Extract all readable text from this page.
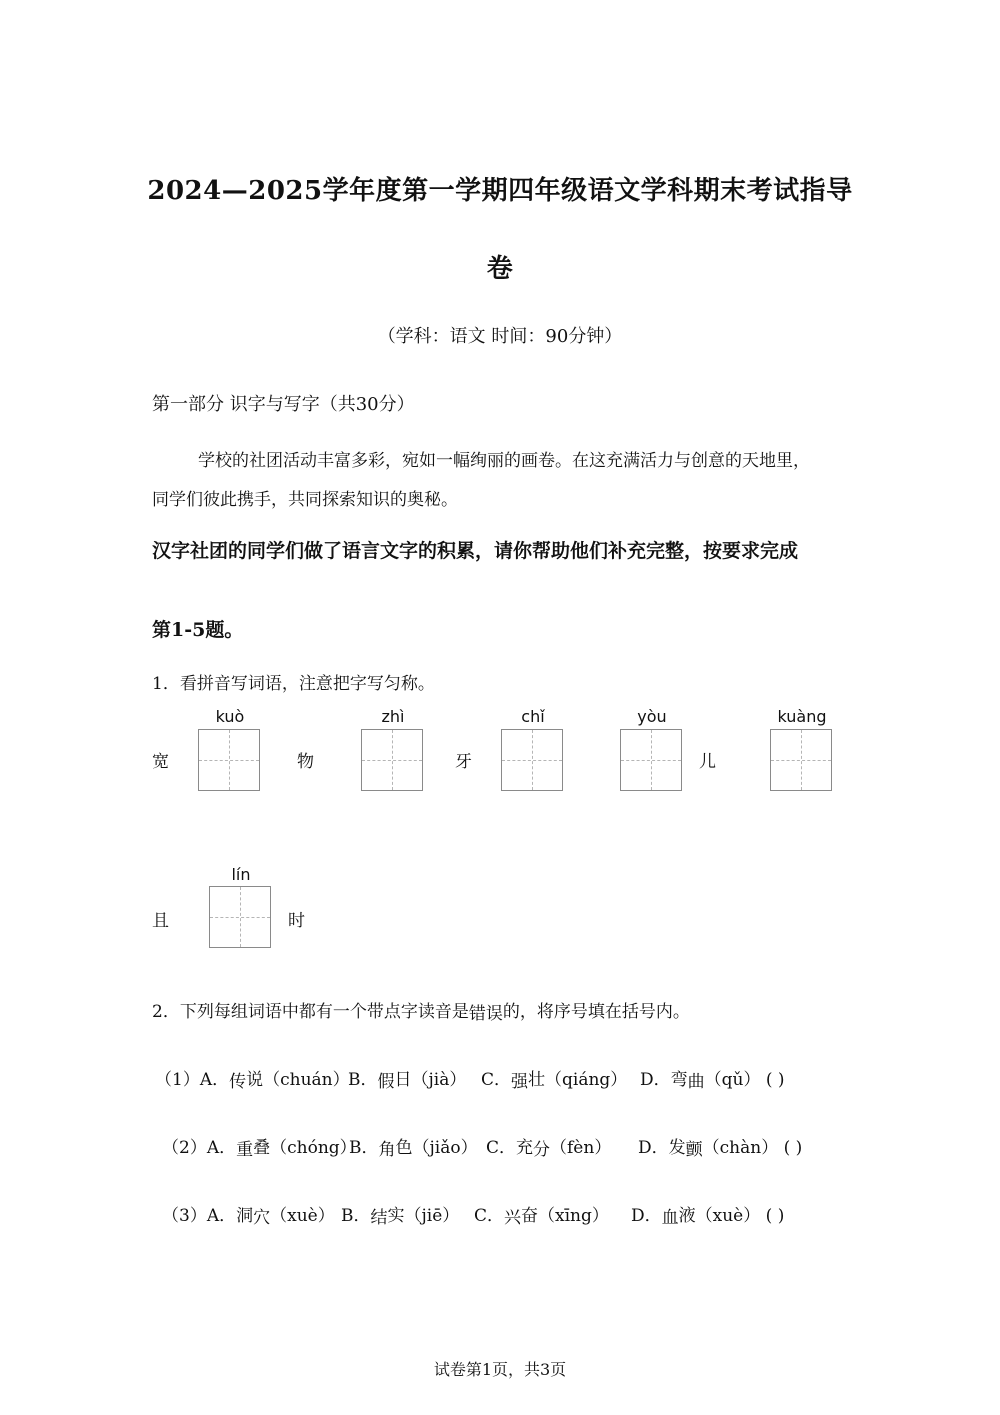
2024—2025学年度第一学期四年级语文学科期末考试指导
卷
（学科：语文 时间：90分钟）
第一部分 识字与写字（共30分）
学校的社团活动丰富多彩，宛如一幅绚丽的画卷。在这充满活力与创意的天地里，
同学们彼此携手，共同探索知识的奥秘。
汉字社团的同学们做了语言文字的积累，请你帮助他们补充完整，按要求完成
第1-5题。
1．看拼音写词语，注意把字写匀称。
宽
kuò
物
zhì
牙
chǐ	yòu
儿
kuàng
且
lín
时
2．下列每组词语中都有一个带点字读音是错误的，将序号填在括号内。
（1）A．传说（chuán）
B．假日（jià） C．强壮（qiáng） D．弯曲（qǔ） ( )
（2）A．重叠（chóng）
B．角色（jiǎo） C．充分（fèn） D．发颤（chàn） ( )
（3）A．洞穴（xuè） B．结实（jiē） C．兴奋（xīng） D．血液（xuè） ( )
试卷第1页，共3页
